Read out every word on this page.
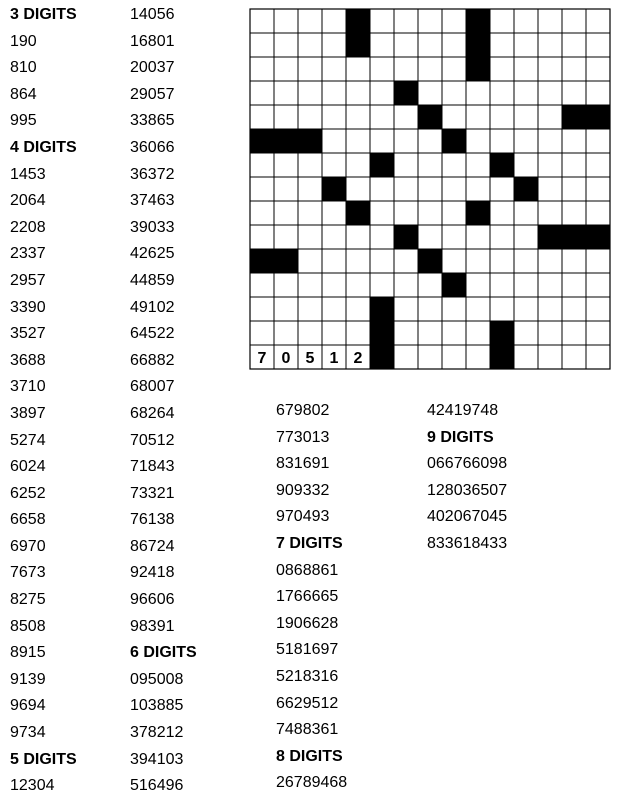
3 DIGITS
190
810
864
995
4 DIGITS
1453
2064
2208
2337
2957
3390
3527
3688
3710
3897
5274
6024
6252
6658
6970
7673
8275
8508
8915
9139
9694
9734
5 DIGITS
12304
14056
16801
20037
29057
33865
36066
36372
37463
39033
42625
44859
49102
64522
66882
68007
68264
70512
71843
73321
76138
86724
92418
96606
98391
6 DIGITS
095008
103885
378212
394103
516496
679802
773013
831691
909332
970493
7 DIGITS
0868861
1766665
1906628
5181697
5218316
6629512
7488361
8 DIGITS
26789468
42419748
9 DIGITS
066766098
128036507
402067045
833618433
7 0 5 1 2
